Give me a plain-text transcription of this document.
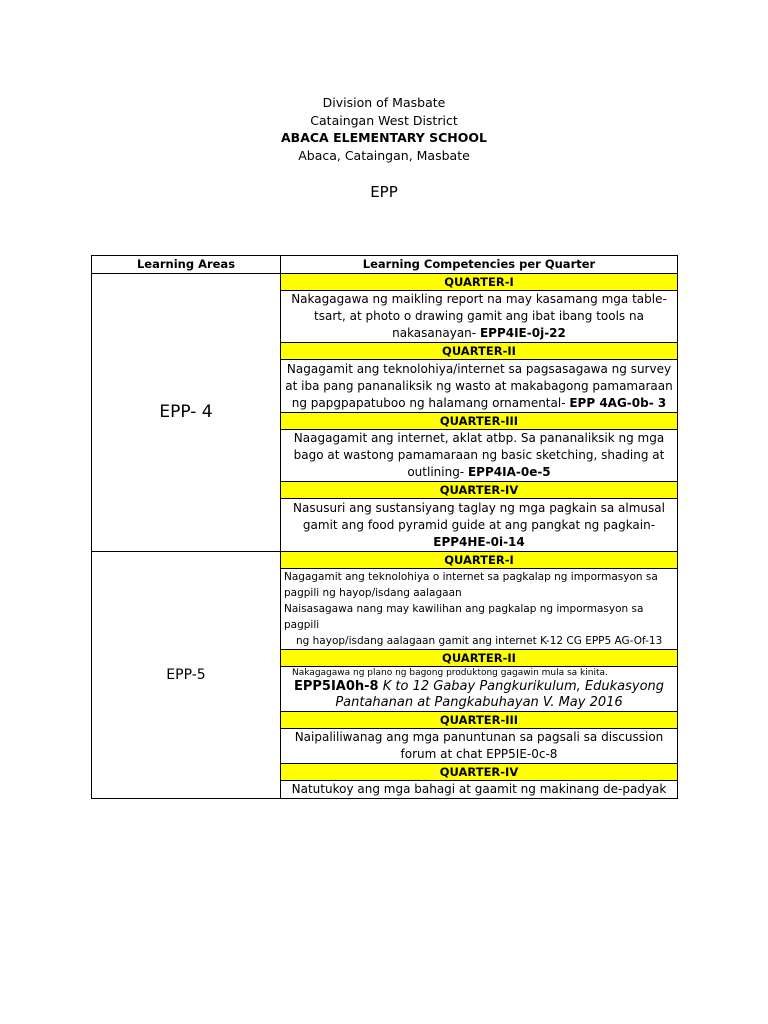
Division of Masbate
Cataingan West District
ABACA ELEMENTARY SCHOOL
Abaca, Cataingan, Masbate
EPP
Learning Areas	Learning Competencies per Quarter
EPP- 4	QUARTER-I
	Nakagagawa ng maikling report na may kasamang mga table-tsart, at photo o drawing gamit ang ibat ibang tools na nakasanayan- EPP4IE-0j-22
	QUARTER-II
	Nagagamit ang teknolohiya/internet sa pagsasagawa ng survey at iba pang pananaliksik ng wasto at makabagong pamamaraan ng papgpapatuboo ng halamang ornamental- EPP 4AG-0b- 3
	QUARTER-III
	Naagagamit ang internet, aklat atbp. Sa pananaliksik ng mga bago at wastong pamamaraan ng basic sketching, shading at outlining- EPP4IA-0e-5
	QUARTER-IV
	Nasusuri ang sustansiyang taglay ng mga pagkain sa almusal gamit ang food pyramid guide at ang pangkat ng pagkain- EPP4HE-0i-14
EPP-5	QUARTER-I

	Nagagamit ang teknolohiya o internet sa pagkalap ng impormasyon sa
pagpili ng hayop/isdang aalagaan
Naisasagawa nang may kawilihan ang pagkalap ng impormasyon sa
pagpili
ng hayop/isdang aalagaan gamit ang internet K-12 CG EPP5 AG-Of-13

	QUARTER-II

	Nakagagawa ng plano ng bagong produktong gagawin mula sa kinita.
EPP5IA0h-8 K to 12 Gabay Pangkurikulum, Edukasyong Pantahanan at Pangkabuhayan V. May 2016

	QUARTER-III
	Naipaliliwanag ang mga panuntunan sa pagsali sa discussion forum at chat EPP5IE-0c-8
	QUARTER-IV
	Natutukoy ang mga bahagi at gaamit ng makinang de-padyak
